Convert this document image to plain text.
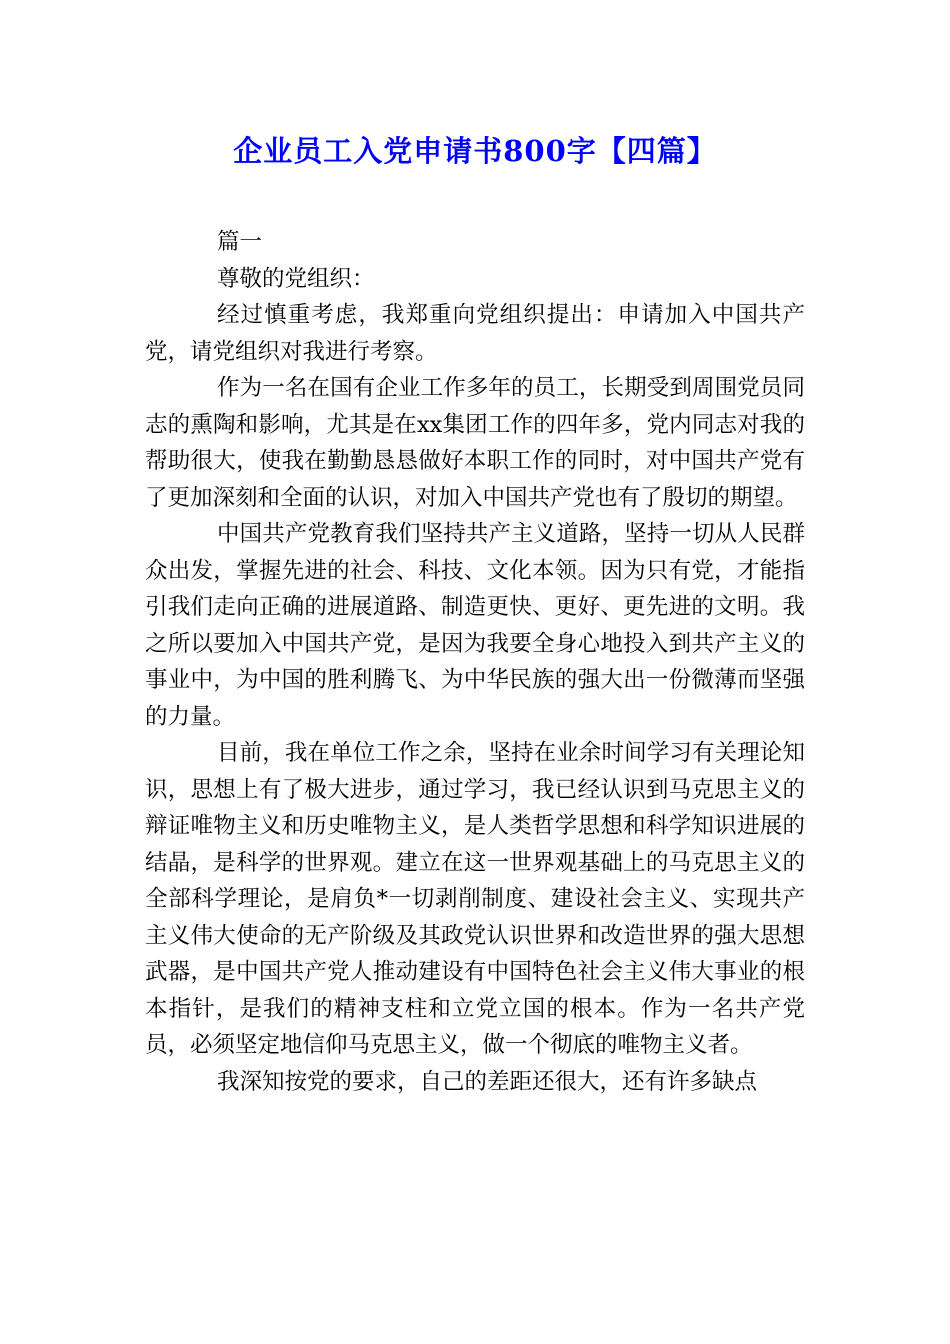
企业员工入党申请书800字【四篇】

篇一

尊敬的党组织：

经过慎重考虑，我郑重向党组织提出：申请加入中国共产党，请党组织对我进行考察。

作为一名在国有企业工作多年的员工，长期受到周围党员同志的熏陶和影响，尤其是在xx集团工作的四年多，党内同志对我的帮助很大，使我在勤勤恳恳做好本职工作的同时，对中国共产党有了更加深刻和全面的认识，对加入中国共产党也有了殷切的期望。

中国共产党教育我们坚持共产主义道路，坚持一切从人民群众出发，掌握先进的社会、科技、文化本领。因为只有党，才能指引我们走向正确的进展道路、制造更快、更好、更先进的文明。我之所以要加入中国共产党，是因为我要全身心地投入到共产主义的事业中，为中国的胜利腾飞、为中华民族的强大出一份微薄而坚强的力量。

目前，我在单位工作之余，坚持在业余时间学习有关理论知识，思想上有了极大进步，通过学习，我已经认识到马克思主义的辩证唯物主义和历史唯物主义，是人类哲学思想和科学知识进展的结晶，是科学的世界观。建立在这一世界观基础上的马克思主义的全部科学理论，是肩负*一切剥削制度、建设社会主义、实现共产主义伟大使命的无产阶级及其政党认识世界和改造世界的强大思想武器，是中国共产党人推动建设有中国特色社会主义伟大事业的根本指针，是我们的精神支柱和立党立国的根本。作为一名共产党员，必须坚定地信仰马克思主义，做一个彻底的唯物主义者。

我深知按党的要求，自己的差距还很大，还有许多缺点
